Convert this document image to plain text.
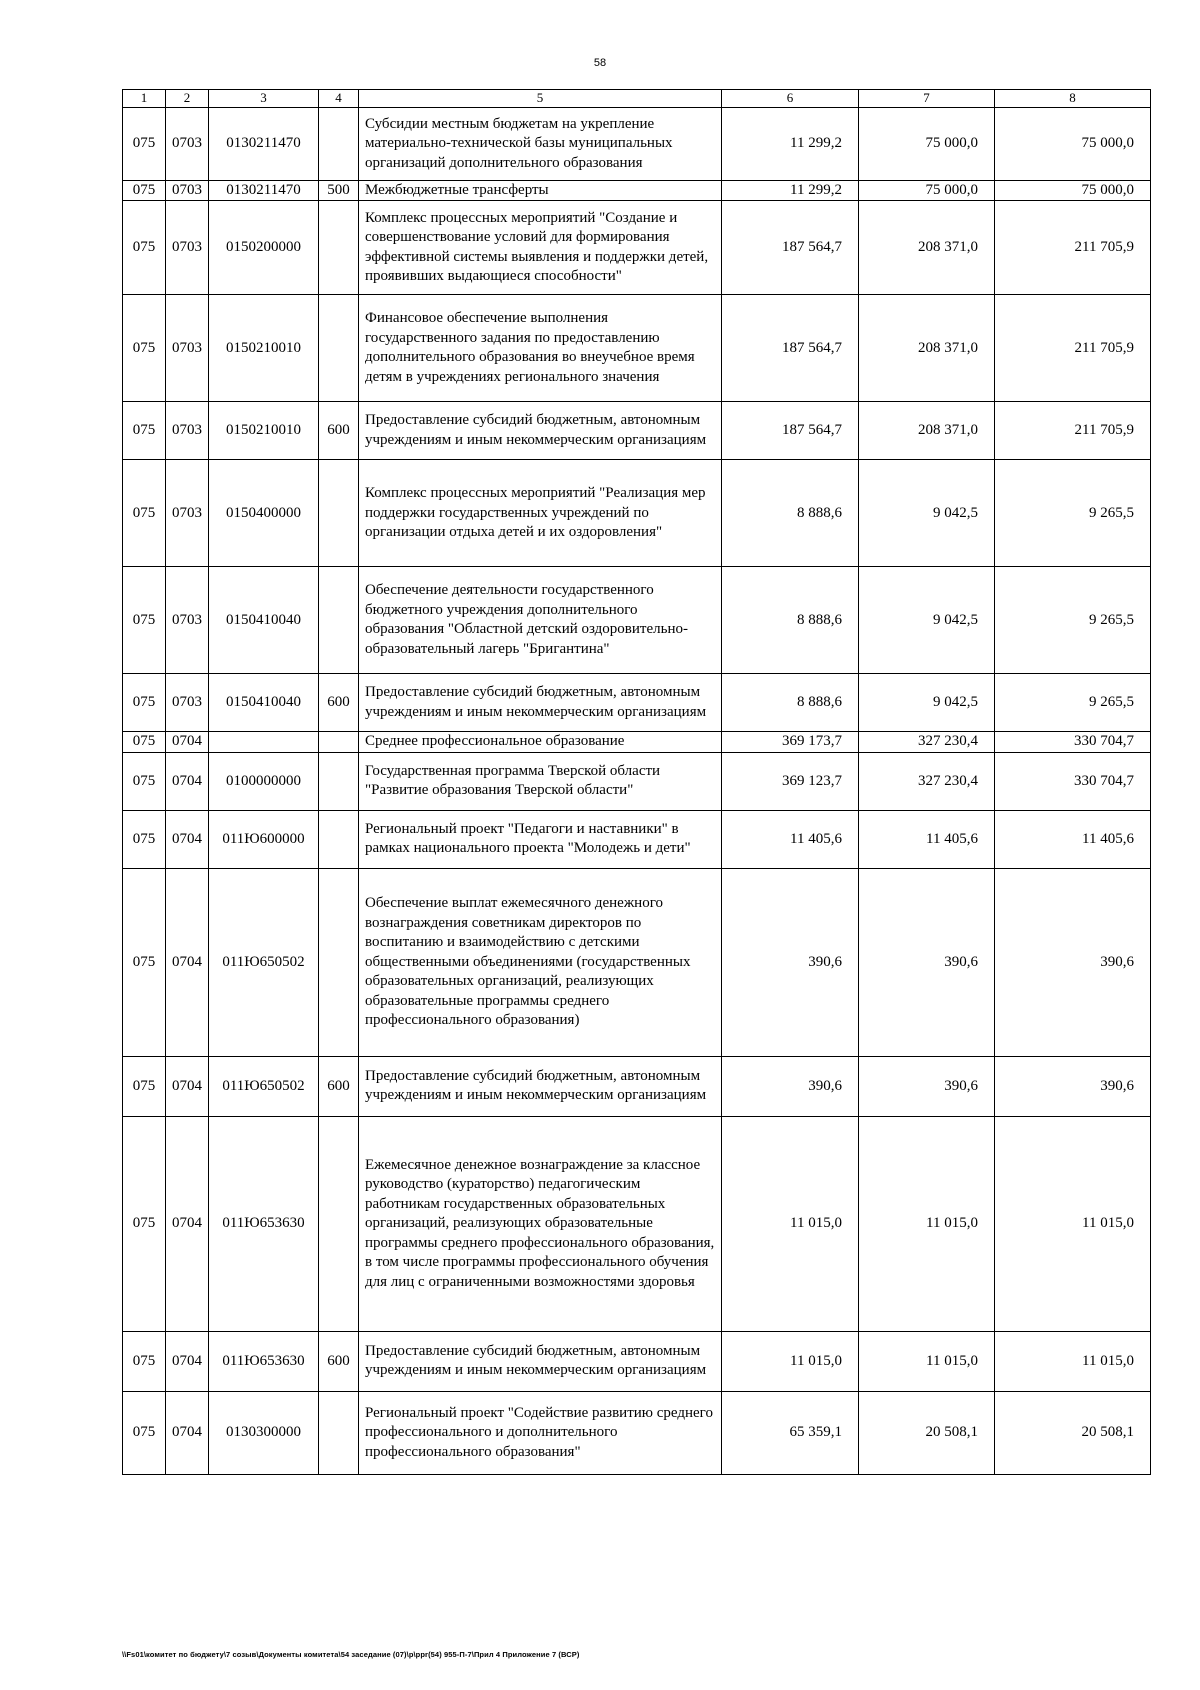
58
1	2	3	4	5	6	7	8
075	0703	0130211470		Субсидии местным бюджетам на укрепление материально-технической базы муниципальных организаций дополнительного образования	11 299,2	75 000,0	75 000,0
075	0703	0130211470	500	Межбюджетные трансферты	11 299,2	75 000,0	75 000,0
075	0703	0150200000		Комплекс процессных мероприятий "Создание и совершенствование условий для формирования эффективной системы выявления и поддержки детей, проявивших выдающиеся способности"	187 564,7	208 371,0	211 705,9
075	0703	0150210010		Финансовое обеспечение выполнения государственного задания по предоставлению дополнительного образования во внеучебное время детям в учреждениях регионального значения	187 564,7	208 371,0	211 705,9
075	0703	0150210010	600	Предоставление субсидий бюджетным, автономным учреждениям и иным некоммерческим организациям	187 564,7	208 371,0	211 705,9
075	0703	0150400000		Комплекс процессных мероприятий "Реализация мер поддержки государственных учреждений по организации отдыха детей и их оздоровления"	8 888,6	9 042,5	9 265,5
075	0703	0150410040		Обеспечение деятельности государственного бюджетного учреждения дополнительного образования "Областной детский оздоровительно-образовательный лагерь "Бригантина"	8 888,6	9 042,5	9 265,5
075	0703	0150410040	600	Предоставление субсидий бюджетным, автономным учреждениям и иным некоммерческим организациям	8 888,6	9 042,5	9 265,5
075	0704			Среднее профессиональное образование	369 173,7	327 230,4	330 704,7
075	0704	0100000000		Государственная программа Тверской области "Развитие образования Тверской области"	369 123,7	327 230,4	330 704,7
075	0704	011Ю600000		Региональный проект "Педагоги и наставники" в рамках национального проекта "Молодежь и дети"	11 405,6	11 405,6	11 405,6
075	0704	011Ю650502		Обеспечение выплат ежемесячного денежного вознаграждения советникам директоров по воспитанию и взаимодействию с детскими общественными объединениями (государственных образовательных организаций, реализующих образовательные программы среднего профессионального образования)	390,6	390,6	390,6
075	0704	011Ю650502	600	Предоставление субсидий бюджетным, автономным учреждениям и иным некоммерческим организациям	390,6	390,6	390,6
075	0704	011Ю653630		Ежемесячное денежное вознаграждение за классное руководство (кураторство) педагогическим работникам государственных образовательных организаций, реализующих образовательные программы среднего профессионального образования, в том числе программы профессионального обучения для лиц с ограниченными возможностями здоровья	11 015,0	11 015,0	11 015,0
075	0704	011Ю653630	600	Предоставление субсидий бюджетным, автономным учреждениям и иным некоммерческим организациям	11 015,0	11 015,0	11 015,0
075	0704	0130300000		Региональный проект "Содействие развитию среднего профессионального и дополнительного профессионального образования"	65 359,1	20 508,1	20 508,1
\\Fs01\комитет по бюджету\7 созыв\Документы комитета\54 заседание (07)\p\ppr(54) 955-П-7\Прил 4 Приложение 7 (ВСР)
